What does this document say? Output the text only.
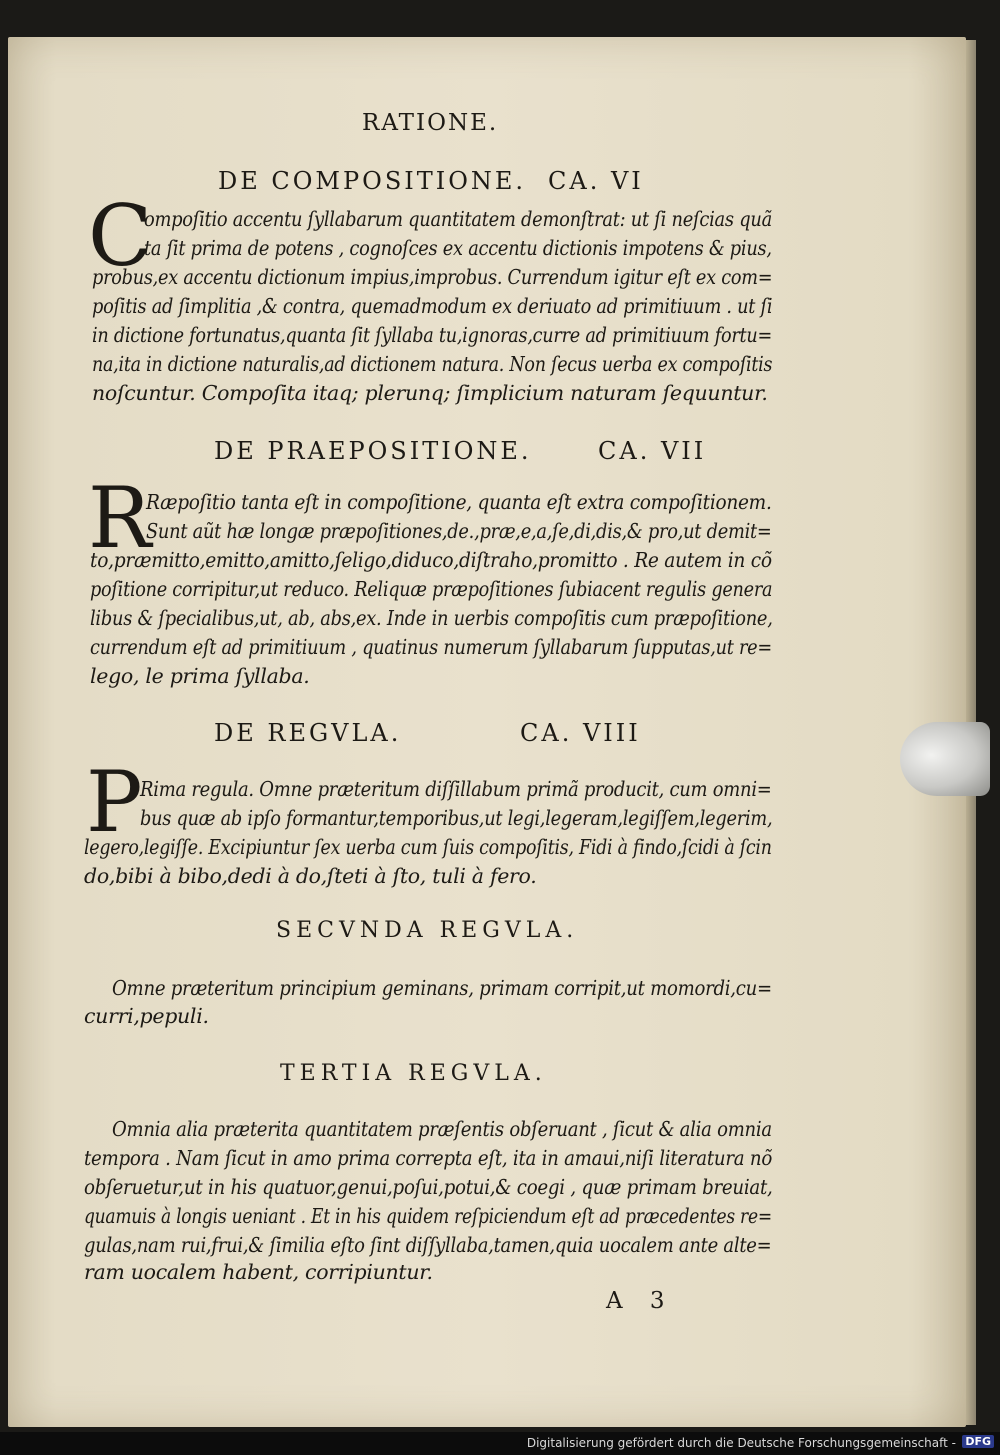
RATIONE.
DE COMPOSITIONE. CA. VI
C
ompoſitio accentu ſyllabarum quantitatem demonſtrat: ut ſi neſcias quã
ta ſit prima de potens , cognoſces ex accentu dictionis impotens & pius,
probus,ex accentu dictionum impius,improbus. Currendum igitur eſt ex com=
poſitis ad ſimplitia ,& contra, quemadmodum ex deriuato ad primitiuum . ut ſi
in dictione fortunatus,quanta ſit ſyllaba tu,ignoras,curre ad primitiuum fortu=
na,ita in dictione naturalis,ad dictionem natura. Non ſecus uerba ex compoſitis
noſcuntur. Compoſita itaq; plerunq; ſimplicium naturam ſequuntur.
DE PRAEPOSITIONE.	CA. VII
R
Ræpoſitio tanta eſt in compoſitione, quanta eſt extra compoſitionem.
Sunt aũt hæ longæ præpoſitiones,de.,præ,e,a,ſe,di,dis,& pro,ut demit=
to,præmitto,emitto,amitto,ſeligo,diduco,diſtraho,promitto . Re autem in cõ
poſitione corripitur,ut reduco. Reliquæ præpoſitiones ſubiacent regulis genera
libus & ſpecialibus,ut, ab, abs,ex. Inde in uerbis compoſitis cum præpoſitione,
currendum eſt ad primitiuum , quatinus numerum ſyllabarum ſupputas,ut re=
lego, le prima ſyllaba.
DE REGVLA.	CA. VIII
P
Rima regula. Omne præteritum diſſillabum primã producit, cum omni=
bus quæ ab ipſo formantur,temporibus,ut legi,legeram,legiſſem,legerim,
legero,legiſſe. Excipiuntur ſex uerba cum ſuis compoſitis, Fidi à findo,ſcidi à ſcin
do,bibi à bibo,dedi à do,ſteti à ſto, tuli à fero.
SECVNDA REGVLA.
Omne præteritum principium geminans, primam corripit,ut momordi,cu=
curri,pepuli.
TERTIA REGVLA.
Omnia alia præterita quantitatem præſentis obſeruant , ſicut & alia omnia
tempora . Nam ſicut in amo prima correpta eſt, ita in amaui,niſi literatura nõ
obſeruetur,ut in his quatuor,genui,poſui,potui,& coegi , quæ primam breuiat,
quamuis à longis ueniant . Et in his quidem reſpiciendum eſt ad præcedentes re=
gulas,nam rui,frui,& ſimilia eſto ſint diſſyllaba,tamen,quia uocalem ante alte=
ram uocalem habent, corripiuntur.
A 3
Digitalisierung gefördert durch die Deutsche Forschungsgemeinschaft - DFG
